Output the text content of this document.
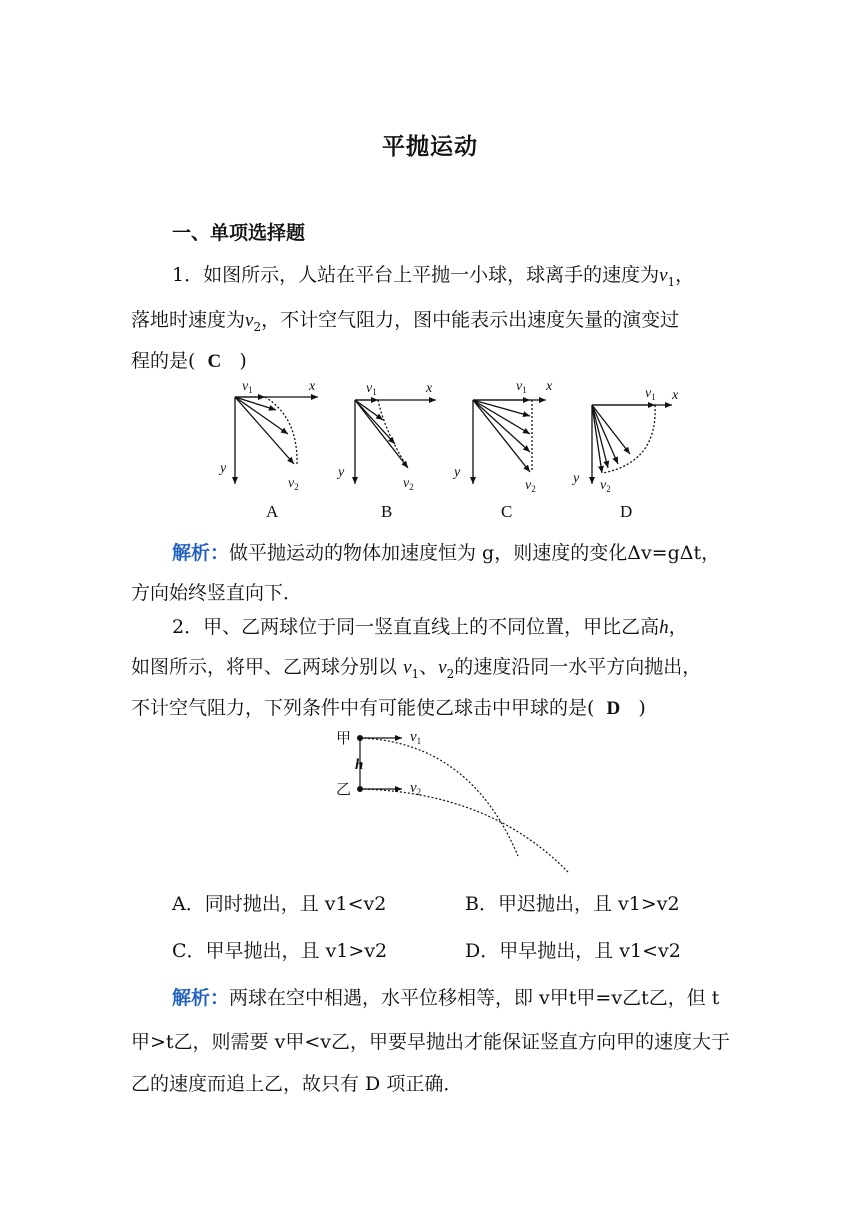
平抛运动
一、单项选择题
1．如图所示，人站在平台上平抛一小球，球离手的速度为$v_1$，
落地时速度为$v_2$，不计空气阻力，图中能表示出速度矢量的演变过
程的是( C )
$v_1$	x
y
$v_2$
A
$v_1$	x
y
$v_2$
B
$v_1$ x
y
$v_2$
C
$v_1$ x
y $v_2$
D
解析：做平抛运动的物体加速度恒为 g，则速度的变化Δv=gΔt，
方向始终竖直向下．
2．甲、乙两球位于同一竖直直线上的不同位置，甲比乙高h，
如图所示，将甲、乙两球分别以 $v_1$、$v_2$的速度沿同一水平方向抛出，
不计空气阻力，下列条件中有可能使乙球击中甲球的是( D )
甲
乙
h
$v_1$
$v_2$
A．同时抛出，且 v1<v2	B．甲迟抛出，且 v1>v2
C．甲早抛出，且 v1>v2	D．甲早抛出，且 v1<v2
解析：两球在空中相遇，水平位移相等，即 v甲t甲=v乙t乙，但 t
甲>t乙，则需要 v甲<v乙，甲要早抛出才能保证竖直方向甲的速度大于
乙的速度而追上乙，故只有 D 项正确．
